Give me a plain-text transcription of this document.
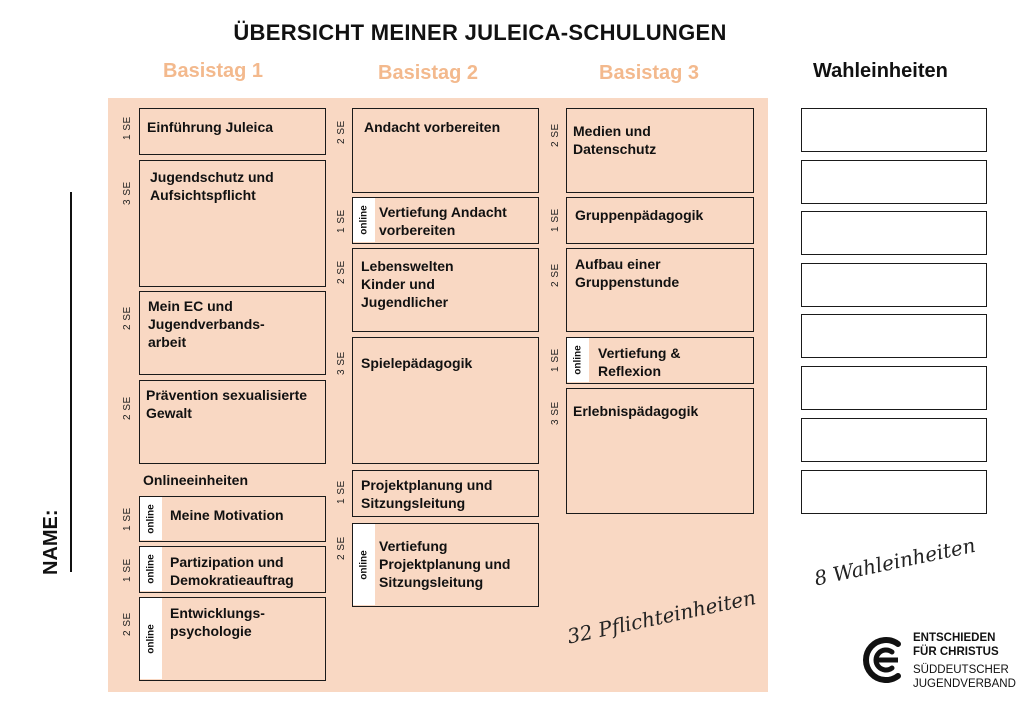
ÜBERSICHT MEINER JULEICA-SCHULUNGEN
Basistag 1	Basistag 2	Basistag 3	Wahleinheiten
NAME:
1 SE Einführung Juleica
3 SE
Jugendschutz und Aufsichtspflicht
2 SE
Mein EC und Jugendverbands-arbeit
2 SE
Prävention sexualisierte Gewalt
Onlineeinheiten
1 SE online Meine Motivation
1 SE online Partizipation und Demokratieauftrag
2 SE online
Entwicklungs-psychologie
2 SE Andacht vorbereiten
1 SE online Vertiefung Andacht vorbereiten
2 SE Lebenswelten Kinder und Jugendlicher
3 SE Spielepädagogik
1 SE Projektplanung und Sitzungsleitung
2 SE
online
Vertiefung Projektplanung und Sitzungsleitung
2 SE Medien und Datenschutz
1 SE Gruppenpädagogik
2 SE Aufbau einer Gruppenstunde
1 SE online Vertiefung & Reflexion
3 SE Erlebnispädagogik
32 Pflichteinheiten
8 Wahleinheiten
ENTSCHIEDEN
FÜR CHRISTUS
SÜDDEUTSCHER
JUGENDVERBAND
